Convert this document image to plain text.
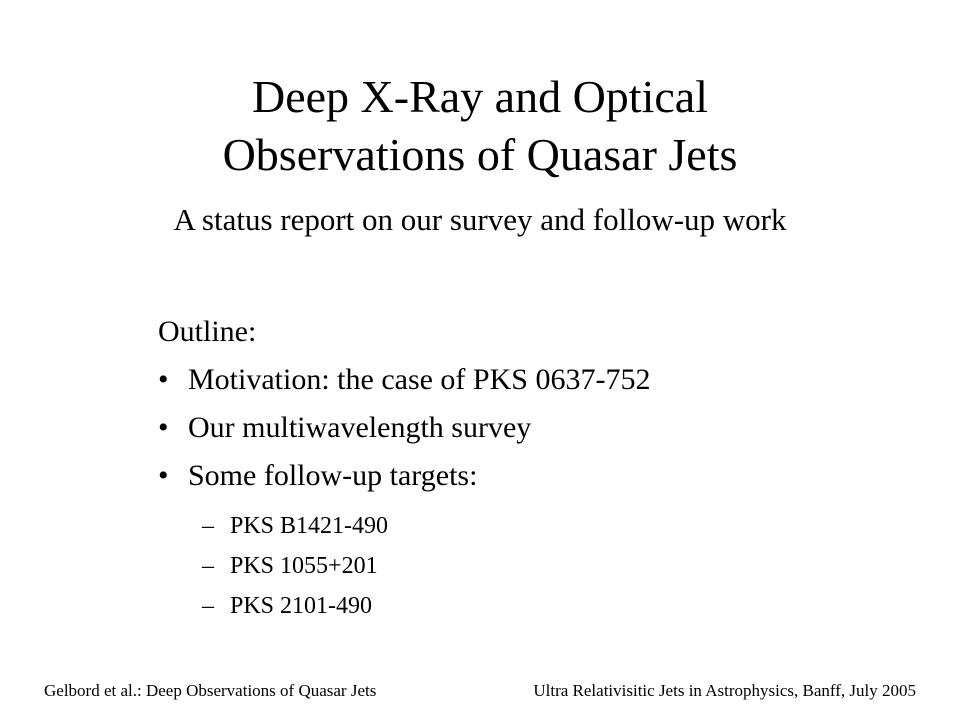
Deep X-Ray and Optical
Observations of Quasar Jets
A status report on our survey and follow-up work
Outline:
• Motivation: the case of PKS 0637-752
• Our multiwavelength survey
• Some follow-up targets:
– PKS B1421-490
– PKS 1055+201
– PKS 2101-490
Gelbord et al.: Deep Observations of Quasar Jets	Ultra Relativisitic Jets in Astrophysics, Banff, July 2005
